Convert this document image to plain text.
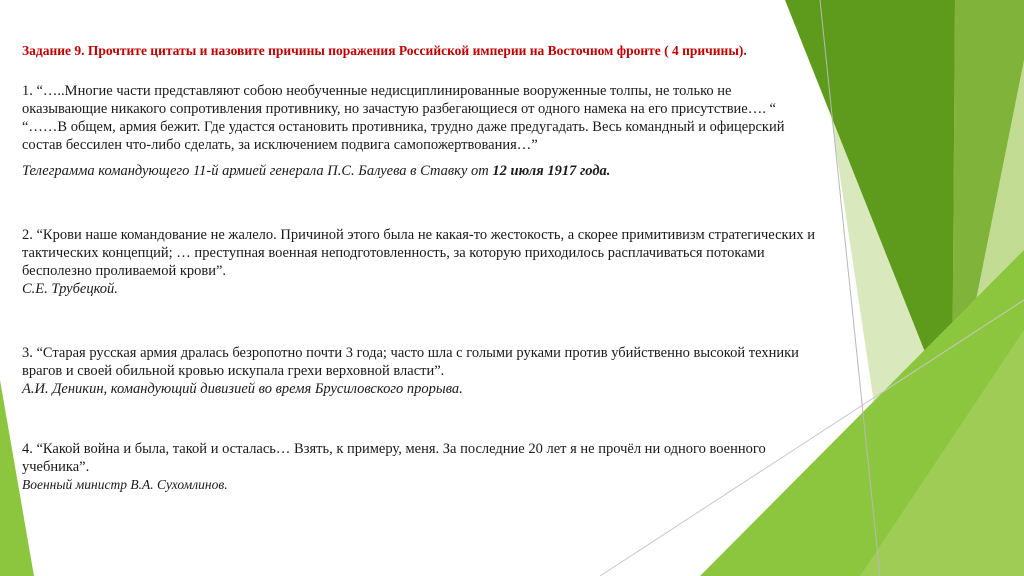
Задание 9. Прочтите цитаты и назовите причины поражения Российской империи на Восточном фронте ( 4 причины).

1. “…..Многие части представляют собою необученные недисциплинированные вооруженные толпы, не только не

оказывающие никакого сопротивления противнику, но зачастую разбегающиеся от одного намека на его присутствие…. “

“……В общем, армия бежит. Где удастся остановить противника, трудно даже предугадать. Весь командный и офицерский

состав бессилен что-либо сделать, за исключением подвига самопожертвования…”

Телеграмма командующего 11-й армией генерала П.С. Балуева в Ставку от 12 июля 1917 года.

2. “Крови наше командование не жалело. Причиной этого была не какая-то жестокость, а скорее примитивизм стратегических и

тактических концепций; … преступная военная неподготовленность, за которую приходилось расплачиваться потоками

бесполезно проливаемой крови”.

С.Е. Трубецкой.

3. “Старая русская армия дралась безропотно почти 3 года; часто шла с голыми руками против убийственно высокой техники

врагов и своей обильной кровью искупала грехи верховной власти”.

А.И. Деникин, командующий дивизией во время Брусиловского прорыва.

4. “Какой война и была, такой и осталась… Взять, к примеру, меня. За последние 20 лет я не прочёл ни одного военного

учебника”.

Военный министр В.А. Сухомлинов.
